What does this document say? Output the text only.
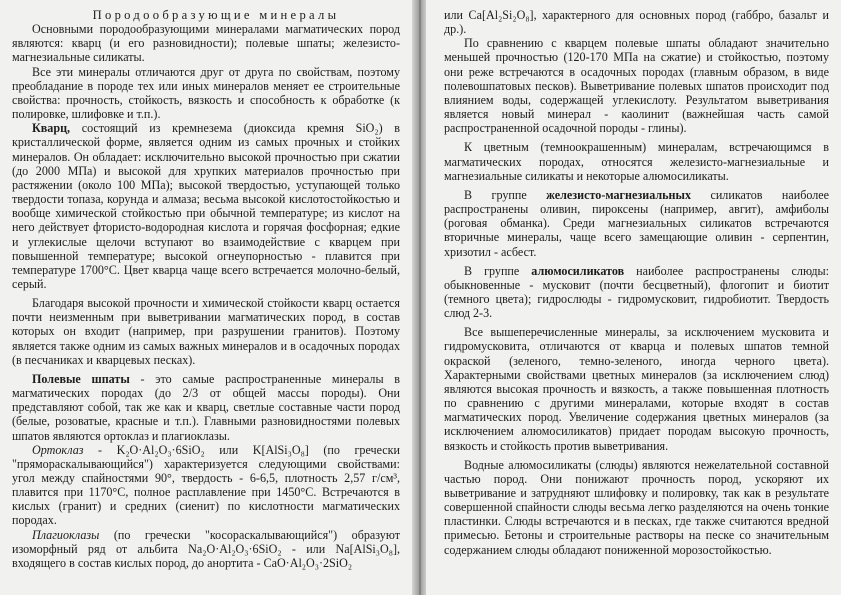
Породообразующие минералы

Основными породообразующими минералами магматических пород являются: кварц (и его разновидности); полевые шпаты; железисто-магнезиальные силикаты.

Все эти минералы отличаются друг от друга по свойствам, поэтому преобладание в породе тех или иных минералов меняет ее строительные свойства: прочность, стойкость, вязкость и способность к обработке (к полировке, шлифовке и т.п.).

Кварц, состоящий из кремнезема (диоксида кремня SiO₂) в кристаллической форме, является одним из самых прочных и стойких минералов. Он обладает: исключительно высокой прочностью при сжатии (до 2000 МПа) и высокой для хрупких материалов прочностью при растяжении (около 100 МПа); высокой твердостью, уступающей только твердости топаза, корунда и алмаза; весьма высокой кислотостойкостью и вообще химической стойкостью при обычной температуре; из кислот на него действует фтористо-водородная кислота и горячая фосфорная; едкие и углекислые щелочи вступают во взаимодействие с кварцем при повышенной температуре; высокой огнеупорностью - плавится при температуре 1700°С. Цвет кварца чаще всего встречается молочно-белый, серый.

Благодаря высокой прочности и химической стойкости кварц остается почти неизменным при выветривании магматических пород, в состав которых он входит (например, при разрушении гранитов). Поэтому является также одним из самых важных минералов и в осадочных породах (в песчаниках и кварцевых песках).

Полевые шпаты - это самые распространенные минералы в магматических породах (до 2/3 от общей массы породы). Они представляют собой, так же как и кварц, светлые составные части пород (белые, розоватые, красные и т.п.). Главными разновидностями полевых шпатов являются ортоклаз и плагиоклазы.

Ортоклаз - K₂O·Al₂O₃·6SiO₂ или K[AlSi₃O₈] (по гречески "прямораскалывающийся") характеризуется следующими свойствами: угол между спайностями 90°, твердость - 6-6,5, плотность 2,57 г/см³, плавится при 1170°С, полное расплавление при 1450°С. Встречаются в кислых (гранит) и средних (сиенит) по кислотности магматических породах.

Плагиоклазы (по гречески "косораскалывающийся") образуют изоморфный ряд от альбита Na₂O·Al₂O₃·6SiO₂ - или Na[AlSi₃O₈], входящего в состав кислых пород, до анортита - CaO·Al₂O₃·2SiO₂

или Ca[Al₂Si₂O₈], характерного для основных пород (габбро, базальт и др.).

По сравнению с кварцем полевые шпаты обладают значительно меньшей прочностью (120-170 МПа на сжатие) и стойкостью, поэтому они реже встречаются в осадочных породах (главным образом, в виде полевошпатовых песков). Выветривание полевых шпатов происходит под влиянием воды, содержащей углекислоту. Результатом выветривания является новый минерал - каолинит (важнейшая часть самой распространенной осадочной породы - глины).

К цветным (темноокрашенным) минералам, встречающимся в магматических породах, относятся железисто-магнезиальные и магнезиальные силикаты и некоторые алюмосиликаты.

В группе железисто-магнезиальных силикатов наиболее распространены оливин, пироксены (например, авгит), амфиболы (роговая обманка). Среди магнезиальных силикатов встречаются вторичные минералы, чаще всего замещающие оливин - серпентин, хризотил - асбест.

В группе алюмосиликатов наиболее распространены слюды: обыкновенные - мусковит (почти бесцветный), флогопит и биотит (темного цвета); гидрослюды - гидромусковит, гидробиотит. Твердость слюд 2-3.

Все вышеперечисленные минералы, за исключением мусковита и гидромусковита, отличаются от кварца и полевых шпатов темной окраской (зеленого, темно-зеленого, иногда черного цвета). Характерными свойствами цветных минералов (за исключением слюд) являются высокая прочность и вязкость, а также повышенная плотность по сравнению с другими минералами, которые входят в состав магматических пород. Увеличение содержания цветных минералов (за исключением алюмосиликатов) придает породам высокую прочность, вязкость и стойкость против выветривания.

Водные алюмосиликаты (слюды) являются нежелательной составной частью пород. Они понижают прочность пород, ускоряют их выветривание и затрудняют шлифовку и полировку, так как в результате совершенной спайности слюды весьма легко разделяются на очень тонкие пластинки. Слюды встречаются и в песках, где также считаются вредной примесью. Бетоны и строительные растворы на песке со значительным содержанием слюды обладают пониженной морозостойкостью.
